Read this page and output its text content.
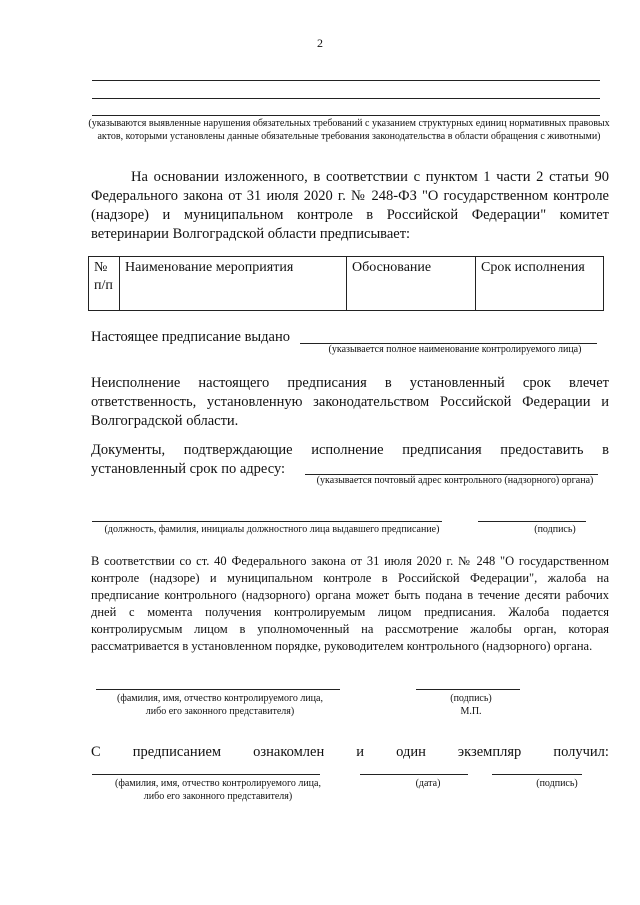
2
(указываются выявленные нарушения обязательных требований с указанием структурных единиц нормативных правовых актов, которыми установлены данные обязательные требования законодательства в области обращения с животными)
На основании изложенного, в соответствии с пунктом 1 части 2 статьи 90 Федерального закона от 31 июля 2020 г. № 248-ФЗ "О государственном контроле (надзоре) и муниципальном контроле в Российской Федерации" комитет ветеринарии Волгоградской области предписывает:
№ п/п	Наименование мероприятия	Обоснование	Срок исполнения
Настоящее предписание выдано
(указывается полное наименование контролируемого лица)
Неисполнение настоящего предписания в установленный срок влечет ответственность, установленную законодательством Российской Федерации и Волгоградской области.
Документы, подтверждающие исполнение предписания предоставить в
установленный срок по адресу:
(указывается почтовый адрес контрольного (надзорного) органа)
(должность, фамилия, инициалы должностного лица выдавшего предписание)	(подпись)
В соответствии со ст. 40 Федерального закона от 31 июля 2020 г. № 248 "О государственном контроле (надзоре) и муниципальном контроле в Российской Федерации", жалоба на предписание контрольного (надзорного) органа может быть подана в течение десяти рабочих дней с момента получения контролируемым лицом предписания. Жалоба подается контролирусмым лицом в уполномоченный на рассмотрение жалобы орган, которая рассматривается в установленном порядке, руководителем контрольного (надзорного) органа.
(фамилия, имя, отчество контролируемого лица,
либо его законного представителя)
(подпись)
М.П.
С предписанием ознакомлен и один экземпляр получил:
(фамилия, имя, отчество контролируемого лица,
либо его законного представителя)
(дата)	(подпись)
